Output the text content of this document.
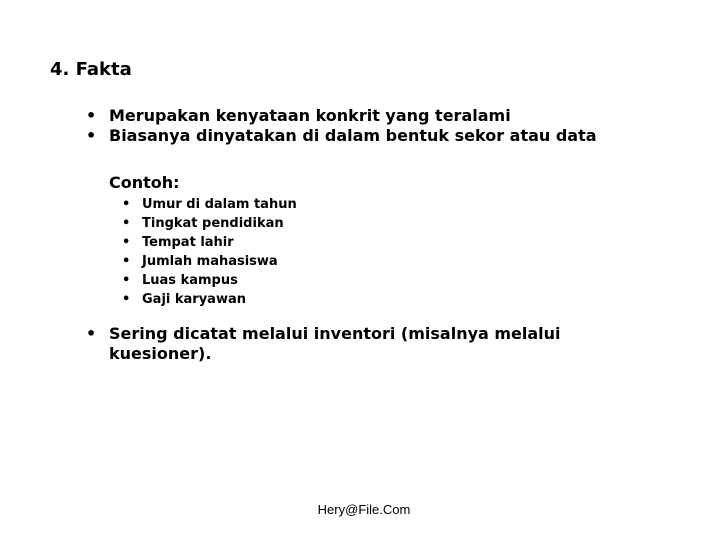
4. Fakta
• Merupakan kenyataan konkrit yang teralami
• Biasanya dinyatakan di dalam bentuk sekor atau data
Contoh:
• Umur di dalam tahun
• Tingkat pendidikan
• Tempat lahir
• Jumlah mahasiswa
• Luas kampus
• Gaji karyawan
• Sering dicatat melalui inventori (misalnya melalui kuesioner).
Hery@File.Com
